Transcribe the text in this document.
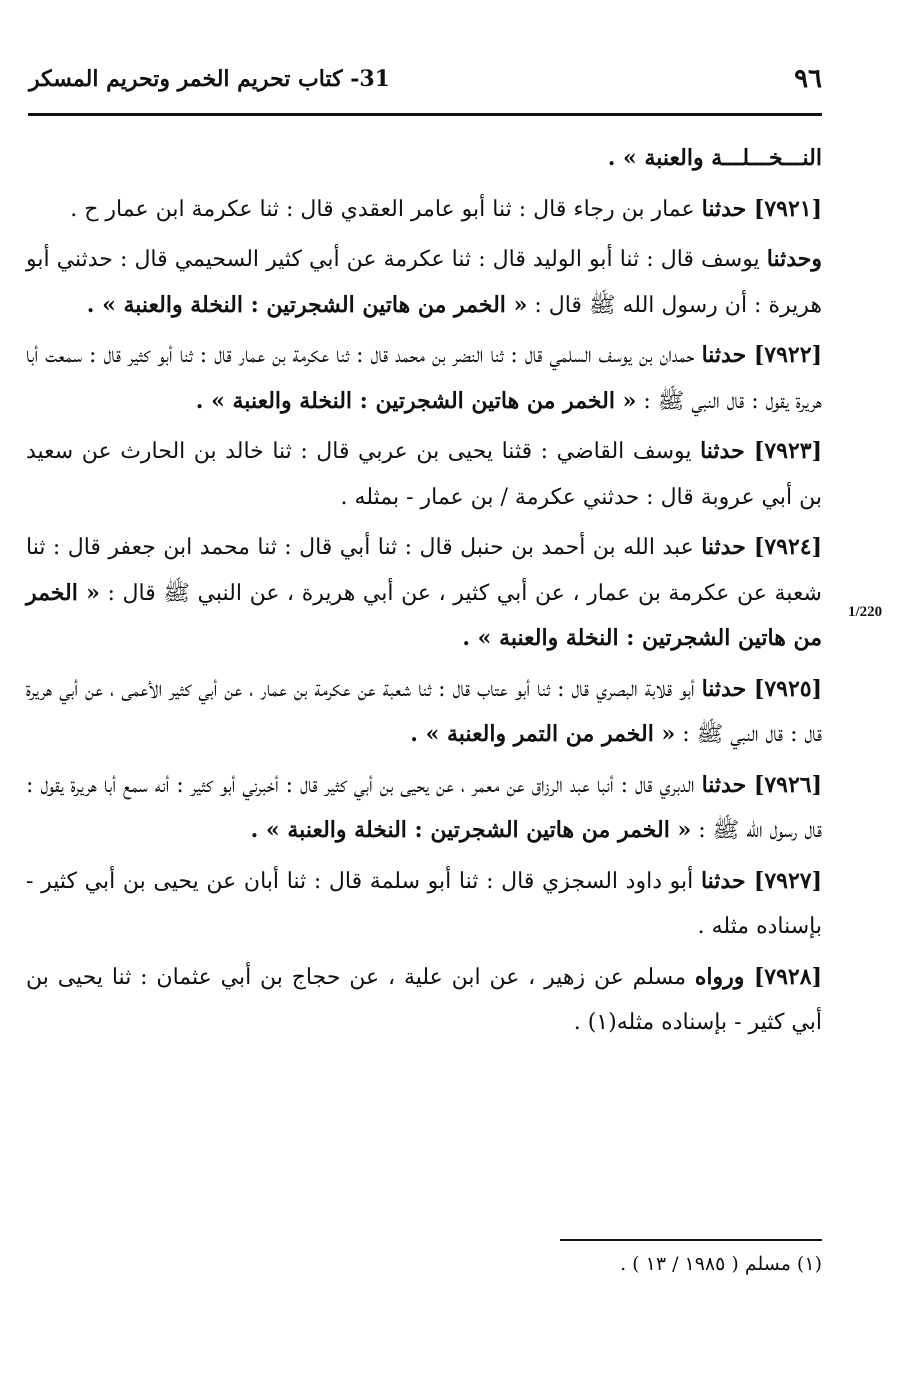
٩٦
31- كتاب تحريم الخمر وتحريم المسكر
النـــخـــلـــة والعنبة » .
[٧٩٢١] حدثنا عمار بن رجاء قال : ثنا أبو عامر العقدي قال : ثنا عكرمة ابن عمار ح .
وحدثنا يوسف قال : ثنا أبو الوليد قال : ثنا عكرمة عن أبي كثير السحيمي قال : حدثني أبو هريرة : أن رسول الله ﷺ قال : « الخمر من هاتين الشجرتين : النخلة والعنبة » .
[٧٩٢٢] حدثنا حمدان بن يوسف السلمي قال : ثنا النضر بن محمد قال : ثنا عكرمة بن عمار قال : ثنا أبو كثير قال : سمعت أبا هريرة يقول : قال النبي ﷺ : « الخمر من هاتين الشجرتين : النخلة والعنبة » .
[٧٩٢٣] حدثنا يوسف القاضي : قثنا يحيى بن عربي قال : ثنا خالد بن الحارث عن سعيد بن أبي عروبة قال : حدثني عكرمة / بن عمار - بمثله .
[٧٩٢٤] حدثنا عبد الله بن أحمد بن حنبل قال : ثنا أبي قال : ثنا محمد ابن جعفر قال : ثنا شعبة عن عكرمة بن عمار ، عن أبي كثير ، عن أبي هريرة ، عن النبي ﷺ قال : « الخمر من هاتين الشجرتين : النخلة والعنبة » .
[٧٩٢٥] حدثنا أبو قلابة البصري قال : ثنا أبو عتاب قال : ثنا شعبة عن عكرمة بن عمار ، عن أبي كثير الأعمى ، عن أبي هريرة قال : قال النبي ﷺ : « الخمر من التمر والعنبة » .
[٧٩٢٦] حدثنا الدبري قال : أنبا عبد الرزاق عن معمر ، عن يحيى بن أبي كثير قال : أخبرني أبو كثير : أنه سمع أبا هريرة يقول : قال رسول الله ﷺ : « الخمر من هاتين الشجرتين : النخلة والعنبة » .
[٧٩٢٧] حدثنا أبو داود السجزي قال : ثنا أبو سلمة قال : ثنا أبان عن يحيى بن أبي كثير - بإسناده مثله .
[٧٩٢٨] ورواه مسلم عن زهير ، عن ابن علية ، عن حجاج بن أبي عثمان : ثنا يحيى بن أبي كثير - بإسناده مثله(١) .
1/220
(١) مسلم ( ١٩٨٥ / ١٣ ) .
